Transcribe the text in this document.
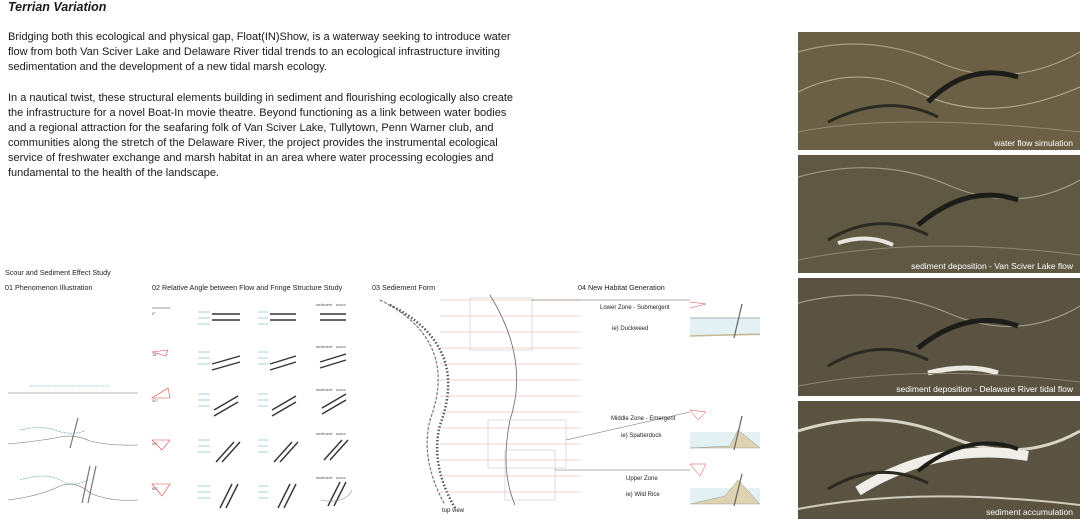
Terrian Variation

Bridging both this ecological and physical gap, Float(IN)Show, is a waterway seeking to introduce water flow from both Van Sciver Lake and Delaware River tidal trends to an ecological infrastructure inviting sedimentation and the development of a new tidal marsh ecology.

In a nautical twist, these structural elements building in sediment and flourishing ecologically also create the infrastructure for a novel Boat-In movie theatre. Beyond functioning as a link between water bodies and a regional attraction for the seafaring folk of Van Sciver Lake, Tullytown, Penn Warner club, and communities along the stretch of the Delaware River, the project provides the instrumental ecological service of freshwater exchange and marsh habitat in an area where water processing ecologies and fundamental to the health of the landscape.

Scour and Sediment Effect Study
01 Phenomenon Illustration	02 Relative Angle between Flow and Fringe Structure Study	03 Sediement Form	04 New Habitat Generation
top view
0°
15°
30°
45°
60°
sediment scour
sediment scour
sediment scour
sediment scour
sediment scour
Lower Zone - Submergent
ie) Duckweed
Middle Zone - Emergent
ie) Spatterdock
Upper Zone
ie) Wild Rice
water flow simulation
sediment deposition - Van Sciver Lake flow
sediment deposition - Delaware River tidal flow
sediment accumulation
